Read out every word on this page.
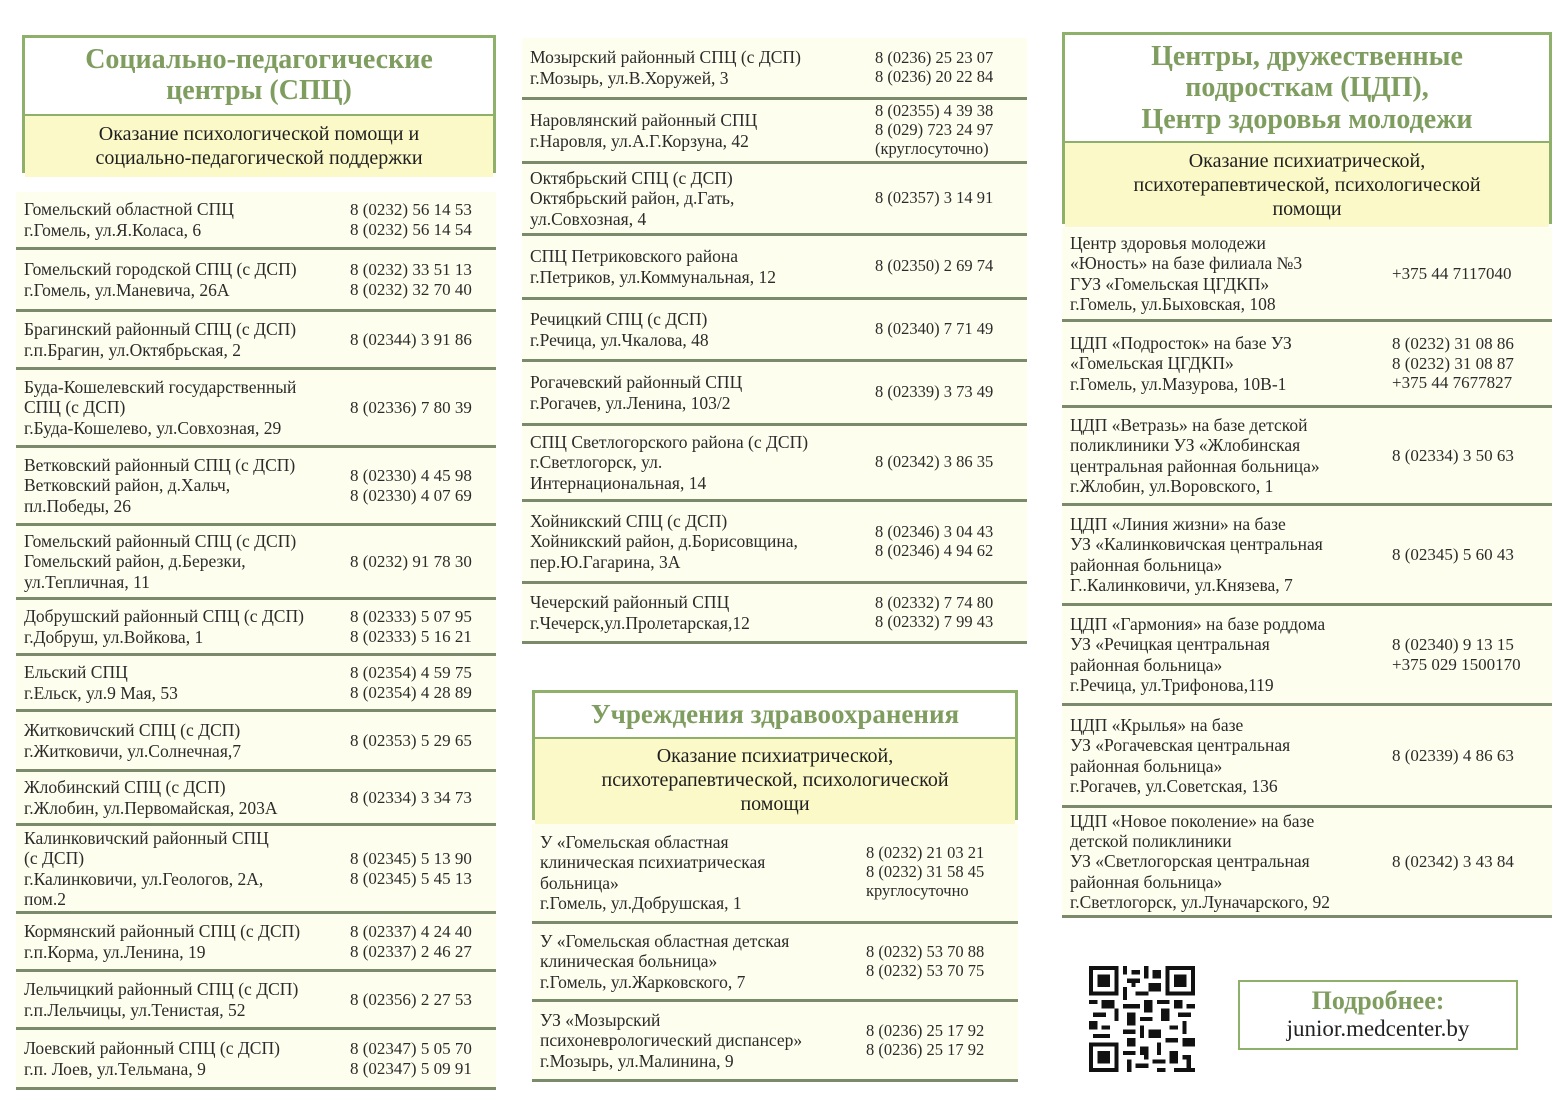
Социально-педагогические
центры (СПЦ)
Оказание психологической помощи и
социально-педагогической поддержки
Гомельский областной СПЦ
г.Гомель, ул.Я.Коласа, 6
8 (0232) 56 14 53
8 (0232) 56 14 54
Гомельский городской СПЦ (с ДСП)
г.Гомель, ул.Маневича, 26А
8 (0232) 33 51 13
8 (0232) 32 70 40
Брагинский районный СПЦ (с ДСП)
г.п.Брагин, ул.Октябрьская, 2
8 (02344) 3 91 86
Буда-Кошелевский государственный
СПЦ (с ДСП)
г.Буда-Кошелево, ул.Совхозная, 29
8 (02336) 7 80 39
Ветковский районный СПЦ (с ДСП)
Ветковский район, д.Хальч,
пл.Победы, 26
8 (02330) 4 45 98
8 (02330) 4 07 69
Гомельский районный СПЦ (с ДСП)
Гомельский район, д.Березки,
ул.Тепличная, 11
8 (0232) 91 78 30
Добрушский районный СПЦ (с ДСП)
г.Добруш, ул.Войкова, 1
8 (02333) 5 07 95
8 (02333) 5 16 21
Ельский СПЦ
г.Ельск, ул.9 Мая, 53
8 (02354) 4 59 75
8 (02354) 4 28 89
Житковичский СПЦ (с ДСП)
г.Житковичи, ул.Солнечная,7
8 (02353) 5 29 65
Жлобинский СПЦ (с ДСП)
г.Жлобин, ул.Первомайская, 203А
8 (02334) 3 34 73
Калинковичский районный СПЦ
(с ДСП)
г.Калинковичи, ул.Геологов, 2А,
пом.2
8 (02345) 5 13 90
8 (02345) 5 45 13
Кормянский районный СПЦ (с ДСП)
г.п.Корма, ул.Ленина, 19
8 (02337) 4 24 40
8 (02337) 2 46 27
Лельчицкий районный СПЦ (с ДСП)
г.п.Лельчицы, ул.Тенистая, 52
8 (02356) 2 27 53
Лоевский районный СПЦ (с ДСП)
г.п. Лоев, ул.Тельмана, 9
8 (02347) 5 05 70
8 (02347) 5 09 91
Мозырский районный СПЦ (с ДСП)
г.Мозырь, ул.В.Хоружей, 3
8 (0236) 25 23 07
8 (0236) 20 22 84
Наровлянский районный СПЦ
г.Наровля, ул.А.Г.Корзуна, 42
8 (02355) 4 39 38
8 (029) 723 24 97
(круглосуточно)
Октябрьский СПЦ (с ДСП)
Октябрьский район, д.Гать,
ул.Совхозная, 4
8 (02357) 3 14 91
СПЦ Петриковского района
г.Петриков, ул.Коммунальная, 12
8 (02350) 2 69 74
Речицкий СПЦ (с ДСП)
г.Речица, ул.Чкалова, 48
8 (02340) 7 71 49
Рогачевский районный СПЦ
г.Рогачев, ул.Ленина, 103/2
8 (02339) 3 73 49
СПЦ Светлогорского района (с ДСП)
г.Светлогорск, ул.
Интернациональная, 14
8 (02342) 3 86 35
Хойникский СПЦ (с ДСП)
Хойникский район, д.Борисовщина,
пер.Ю.Гагарина, 3А
8 (02346) 3 04 43
8 (02346) 4 94 62
Чечерский районный СПЦ
г.Чечерск,ул.Пролетарская,12
8 (02332) 7 74 80
8 (02332) 7 99 43
Учреждения здравоохранения
Оказание психиатрической,
психотерапевтической, психологической
помощи
У «Гомельская областная
клиническая психиатрическая
больница»
г.Гомель, ул.Добрушская, 1
8 (0232) 21 03 21
8 (0232) 31 58 45
круглосуточно
У «Гомельская областная детская
клиническая больница»
г.Гомель, ул.Жарковского, 7
8 (0232) 53 70 88
8 (0232) 53 70 75
УЗ «Мозырский
психоневрологический диспансер»
г.Мозырь, ул.Малинина, 9
8 (0236) 25 17 92
8 (0236) 25 17 92
Центры, дружественные
подросткам (ЦДП),
Центр здоровья молодежи
Оказание психиатрической,
психотерапевтической, психологической
помощи
Центр здоровья молодежи
«Юность» на базе филиала №3
ГУЗ «Гомельская ЦГДКП»
г.Гомель, ул.Быховская, 108
+375 44 7117040
ЦДП «Подросток» на базе УЗ
«Гомельская ЦГДКП»
г.Гомель, ул.Мазурова, 10В-1
8 (0232) 31 08 86
8 (0232) 31 08 87
+375 44 7677827
ЦДП «Ветразь» на базе детской
поликлиники УЗ «Жлобинская
центральная районная больница»
г.Жлобин, ул.Воровского, 1
8 (02334) 3 50 63
ЦДП «Линия жизни» на базе
УЗ «Калинковичская центральная
районная больница»
Г..Калинковичи, ул.Князева, 7
8 (02345) 5 60 43
ЦДП «Гармония» на базе роддома
УЗ «Речицкая центральная
районная больница»
г.Речица, ул.Трифонова,119
8 (02340) 9 13 15
+375 029 1500170
ЦДП «Крылья» на базе
УЗ «Рогачевская центральная
районная больница»
г.Рогачев, ул.Советская, 136
8 (02339) 4 86 63
ЦДП «Новое поколение» на базе
детской поликлиники
УЗ «Светлогорская центральная
районная больница»
г.Светлогорск, ул.Луначарского, 92
8 (02342) 3 43 84
Подробнее:
junior.medcenter.by
